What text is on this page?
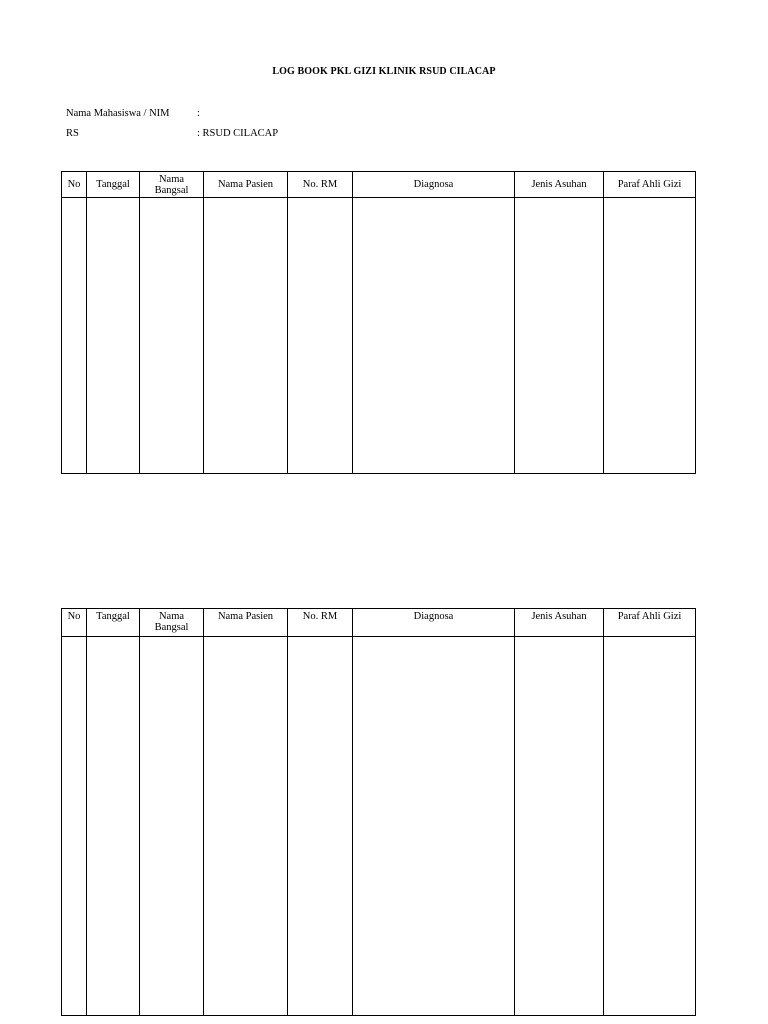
LOG BOOK PKL GIZI KLINIK RSUD CILACAP
Nama Mahasiswa / NIM	:
RS	: RSUD CILACAP
No	Tanggal	Nama
Bangsal	Nama Pasien	No. RM	Diagnosa	Jenis Asuhan	Paraf Ahli Gizi

No	Tanggal	Nama
Bangsal	Nama Pasien	No. RM	Diagnosa	Jenis Asuhan	Paraf Ahli Gizi
